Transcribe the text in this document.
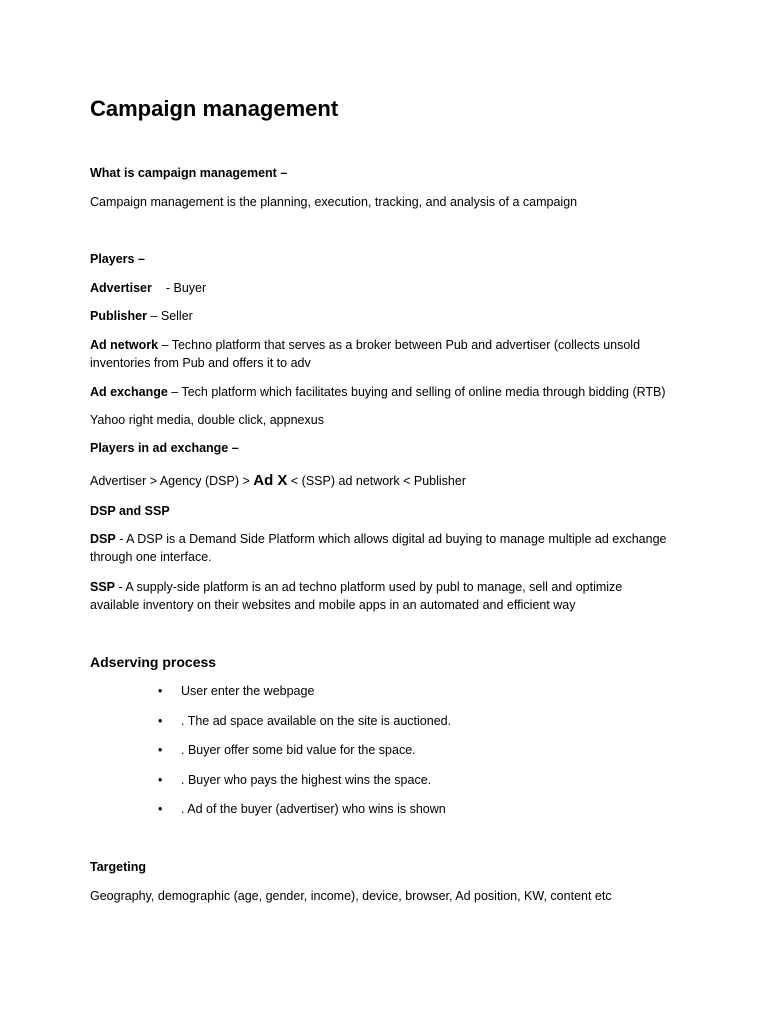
Campaign management
What is campaign management –
Campaign management is the planning, execution, tracking, and analysis of a campaign
Players –
Advertiser - Buyer
Publisher – Seller
Ad network – Techno platform that serves as a broker between Pub and advertiser (collects unsold
inventories from Pub and offers it to adv
Ad exchange – Tech platform which facilitates buying and selling of online media through bidding (RTB)
Yahoo right media, double click, appnexus
Players in ad exchange –
Advertiser > Agency (DSP) > Ad X < (SSP) ad network < Publisher
DSP and SSP
DSP - A DSP is a Demand Side Platform which allows digital ad buying to manage multiple ad exchange
through one interface.
SSP - A supply-side platform is an ad techno platform used by publ to manage, sell and optimize
available inventory on their websites and mobile apps in an automated and efficient way
Adserving process
• User enter the webpage
• . The ad space available on the site is auctioned.
• . Buyer offer some bid value for the space.
• . Buyer who pays the highest wins the space.
• . Ad of the buyer (advertiser) who wins is shown
Targeting
Geography, demographic (age, gender, income), device, browser, Ad position, KW, content etc
